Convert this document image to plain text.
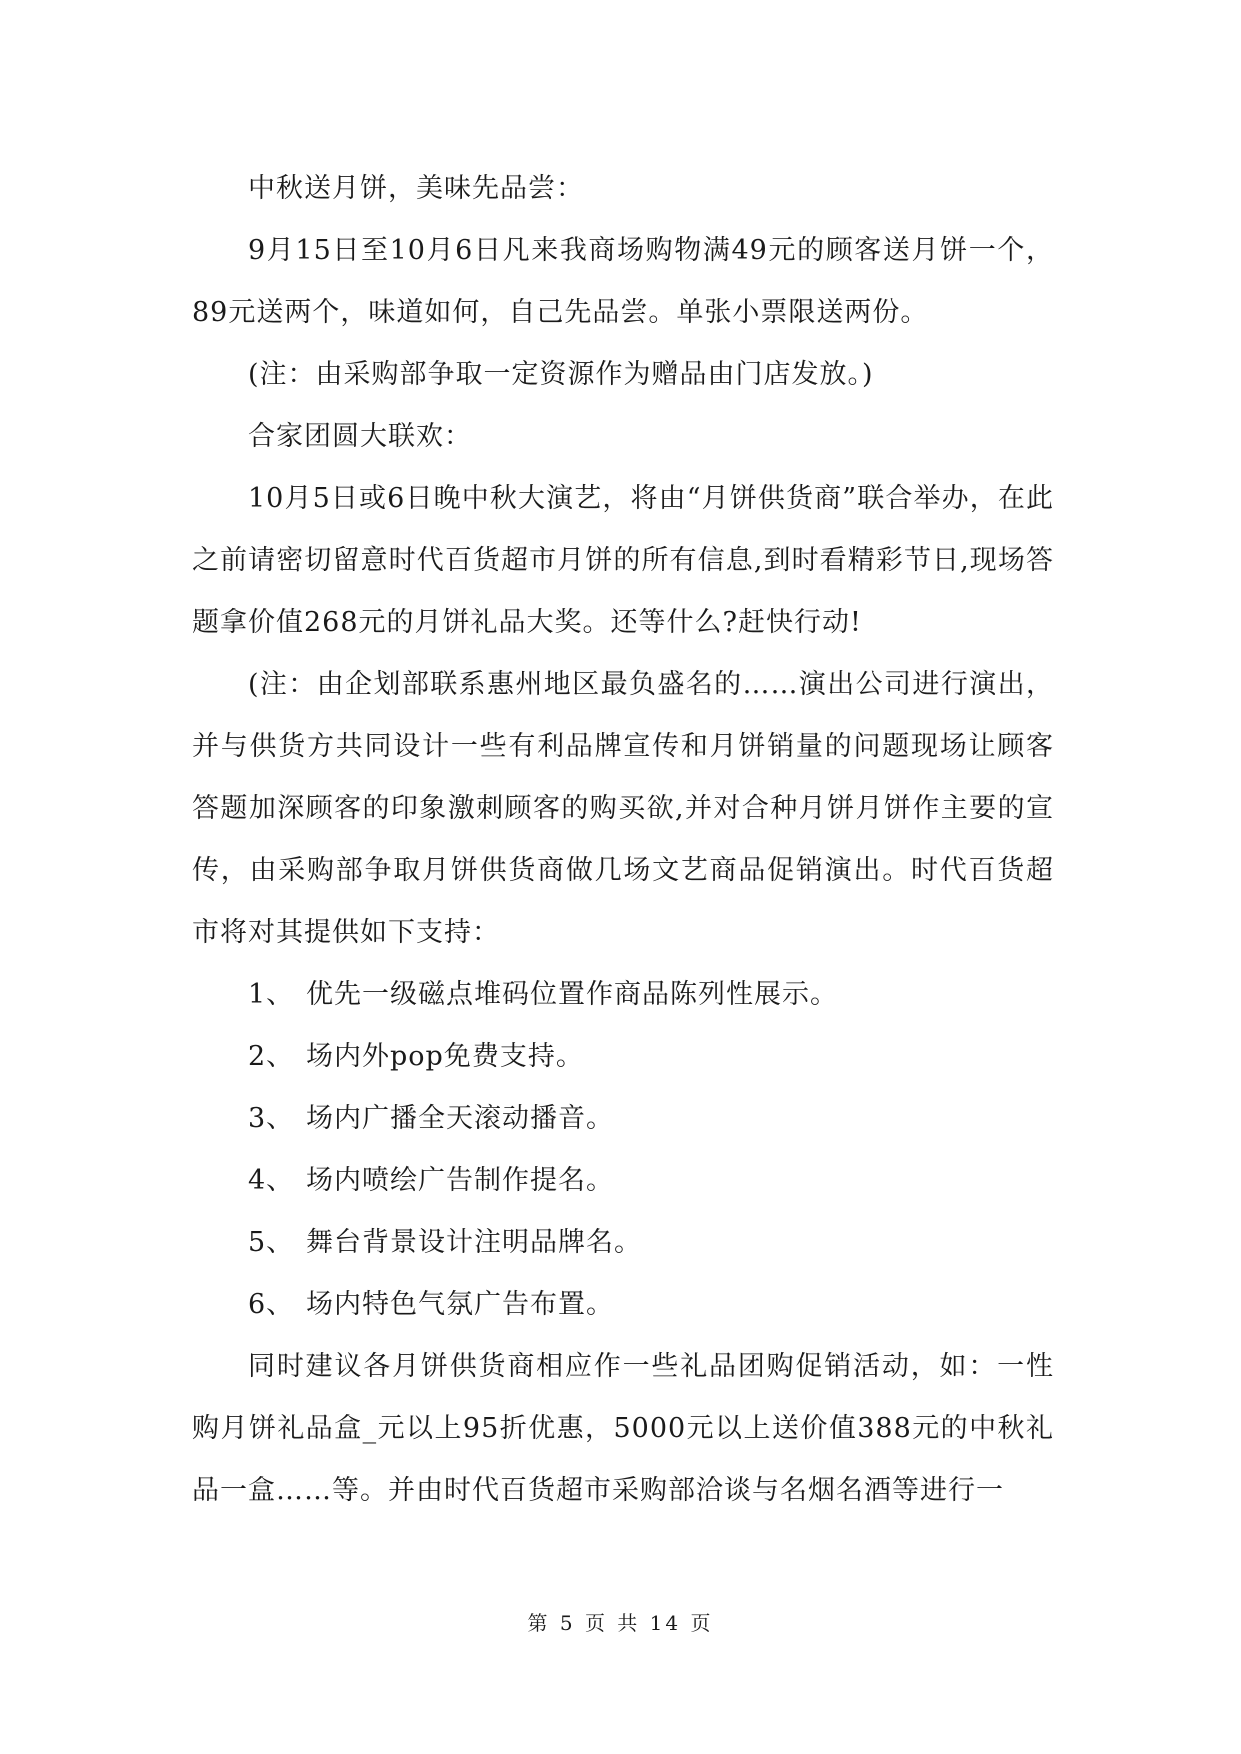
中秋送月饼，美味先品尝：

9月15日至10月6日凡来我商场购物满49元的顾客送月饼一个，89元送两个，味道如何，自己先品尝。单张小票限送两份。

(注：由采购部争取一定资源作为赠品由门店发放。)

合家团圆大联欢：

10月5日或6日晚中秋大演艺，将由“月饼供货商”联合举办，在此之前请密切留意时代百货超市月饼的所有信息,到时看精彩节日,现场答题拿价值268元的月饼礼品大奖。还等什么?赶快行动!

(注：由企划部联系惠州地区最负盛名的……演出公司进行演出，并与供货方共同设计一些有利品牌宣传和月饼销量的问题现场让顾客答题加深顾客的印象激刺顾客的购买欲,并对合种月饼月饼作主要的宣传，由采购部争取月饼供货商做几场文艺商品促销演出。时代百货超市将对其提供如下支持：

1、 优先一级磁点堆码位置作商品陈列性展示。

2、 场内外pop免费支持。

3、 场内广播全天滚动播音。

4、 场内喷绘广告制作提名。

5、 舞台背景设计注明品牌名。

6、 场内特色气氛广告布置。

同时建议各月饼供货商相应作一些礼品团购促销活动，如：一性购月饼礼品盒_元以上95折优惠，5000元以上送价值388元的中秋礼品一盒……等。并由时代百货超市采购部洽谈与名烟名酒等进行一

第 5 页 共 14 页
